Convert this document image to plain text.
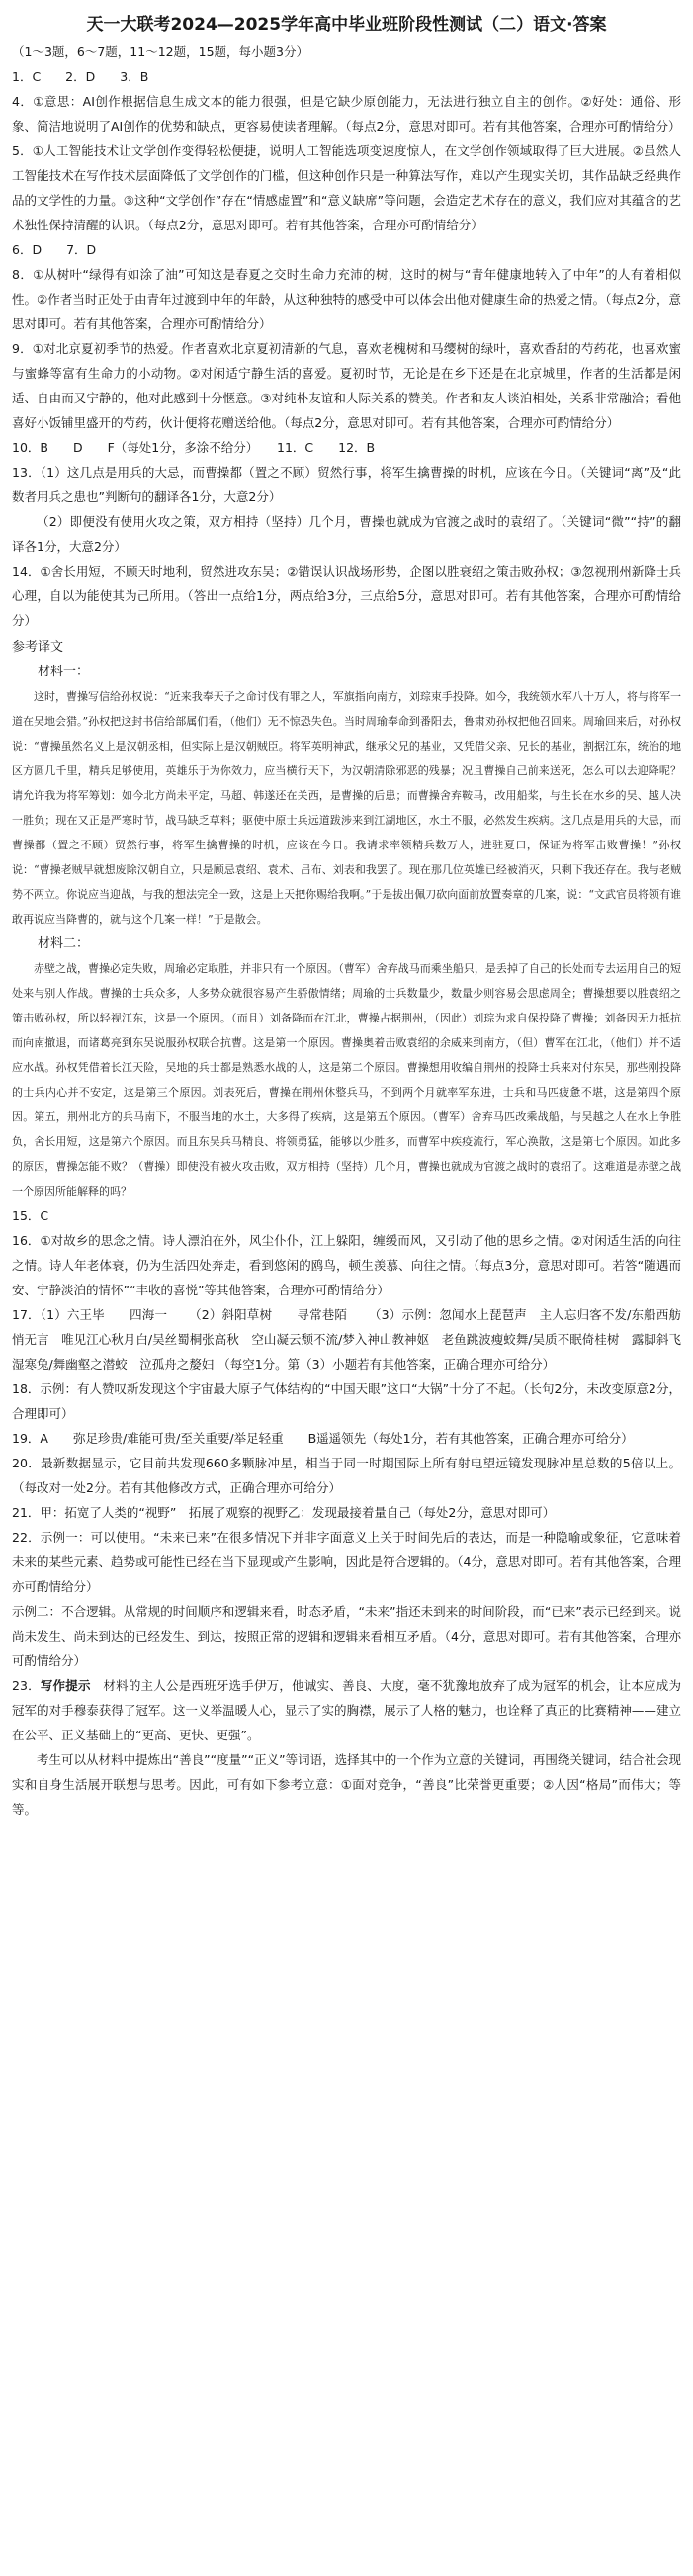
天一大联考2024—2025学年高中毕业班阶段性测试（二）语文·答案

（1～3题，6～7题，11～12题，15题，每小题3分）

1．C　　2．D　　3．B

4．①意思：AI创作根据信息生成文本的能力很强，但是它缺少原创能力，无法进行独立自主的创作。②好处：通俗、形象、简洁地说明了AI创作的优势和缺点，更容易使读者理解。（每点2分，意思对即可。若有其他答案，合理亦可酌情给分）

5．①人工智能技术让文学创作变得轻松便捷，说明人工智能选项变速度惊人，在文学创作领域取得了巨大进展。②虽然人工智能技术在写作技术层面降低了文学创作的门槛，但这种创作只是一种算法写作，难以产生现实关切，其作品缺乏经典作品的文学性的力量。③这种“文学创作”存在“情感虚置”和“意义缺席”等问题，会造定艺术存在的意义，我们应对其蕴含的艺术独性保持清醒的认识。（每点2分，意思对即可。若有其他答案，合理亦可酌情给分）

6．D　　7．D

8．①从树叶“绿得有如涂了油”可知这是春夏之交时生命力充沛的树，这时的树与“青年健康地转入了中年”的人有着相似性。②作者当时正处于由青年过渡到中年的年龄，从这种独特的感受中可以体会出他对健康生命的热爱之情。（每点2分，意思对即可。若有其他答案，合理亦可酌情给分）

9．①对北京夏初季节的热爱。作者喜欢北京夏初清新的气息，喜欢老槐树和马缨树的绿叶，喜欢香甜的芍药花，也喜欢蜜与蜜蜂等富有生命力的小动物。②对闲适宁静生活的喜爱。夏初时节，无论是在乡下还是在北京城里，作者的生活都是闲适、自由而又宁静的，他对此感到十分惬意。③对纯朴友谊和人际关系的赞美。作者和友人谈泊相处，关系非常融洽；看他喜好小饭铺里盛开的芍药，伙计便将花赠送给他。（每点2分，意思对即可。若有其他答案，合理亦可酌情给分）

10．B　　D　　F（每处1分，多涂不给分）　　11．C　　12．B

13．（1）这几点是用兵的大忌，而曹操都（置之不顾）贸然行事，将军生擒曹操的时机，应该在今日。（关键词“离”及“此数者用兵之患也”判断句的翻译各1分，大意2分）

（2）即便没有使用火攻之策，双方相持（坚持）几个月，曹操也就成为官渡之战时的袁绍了。（关键词“微”“持”的翻译各1分，大意2分）

14．①舍长用短，不顾天时地利，贸然进攻东吴；②错误认识战场形势，企图以胜衰绍之策击败孙权；③忽视刑州新降士兵心理，自以为能使其为己所用。（答出一点给1分，两点给3分，三点给5分，意思对即可。若有其他答案，合理亦可酌情给分）

参考译文

材料一：

这时，曹操写信给孙权说：“近来我奉天子之命讨伐有罪之人，军旗指向南方，刘琮束手投降。如今，我统领水军八十万人，将与将军一道在吴地会猎。”孙权把这封书信给部属们看，（他们）无不惊恐失色。当时周瑜奉命到番阳去，鲁肃劝孙权把他召回来。周瑜回来后，对孙权说：“曹操虽然名义上是汉朝丞相，但实际上是汉朝贼臣。将军英明神武，继承父兄的基业，又凭借父亲、兄长的基业，割据江东，统治的地区方圆几千里，精兵足够使用，英雄乐于为你效力，应当横行天下，为汉朝清除邪恶的残暴；况且曹操自己前来送死，怎么可以去迎降呢？请允许我为将军筹划：如今北方尚未平定，马超、韩遂还在关西，是曹操的后患；而曹操舍弃鞍马，改用船桨，与生长在水乡的吴、越人决一胜负；现在又正是严寒时节，战马缺乏草料；驱使中原士兵远道跋涉来到江湖地区，水土不服，必然发生疾病。这几点是用兵的大忌，而曹操都（置之不顾）贸然行事，将军生擒曹操的时机，应该在今日。我请求率领精兵数万人，进驻夏口，保证为将军击败曹操！”孙权说：“曹操老贼早就想废除汉朝自立，只是顾忌袁绍、袁术、吕布、刘表和我罢了。现在那几位英雄已经被消灭，只剩下我还存在。我与老贼势不两立。你说应当迎战，与我的想法完全一致，这是上天把你赐给我啊。”于是拔出佩刀砍向面前放置奏章的几案，说：“文武官员将领有谁敢再说应当降曹的，就与这个几案一样！”于是散会。

材料二：

赤壁之战，曹操必定失败，周瑜必定取胜，并非只有一个原因。（曹军）舍弃战马而乘坐船只，是丢掉了自己的长处而专去运用自己的短处来与别人作战。曹操的士兵众多，人多势众就很容易产生骄傲情绪；周瑜的士兵数量少，数量少则容易会思虑周全；曹操想要以胜袁绍之策击败孙权，所以轻视江东，这是一个原因。（而且）刘备降而在江北，曹操占据荆州，（因此）刘琮为求自保投降了曹操；刘备因无力抵抗而向南撤退，而诸葛亮到东吴说服孙权联合抗曹。这是第一个原因。曹操奥着击败袁绍的余威来到南方，（但）曹军在江北，（他们）并不适应水战。孙权凭借着长江天险，吴地的兵士都是熟悉水战的人，这是第二个原因。曹操想用收编自荆州的投降士兵来对付东吴，那些刚投降的士兵内心并不安定，这是第三个原因。刘表死后，曹操在荆州休整兵马，不到两个月就率军东进，士兵和马匹疲惫不堪，这是第四个原因。第五，荆州北方的兵马南下，不服当地的水土，大多得了疾病，这是第五个原因。（曹军）舍弃马匹改乘战船，与吴越之人在水上争胜负，舍长用短，这是第六个原因。而且东吴兵马精良、将领勇猛，能够以少胜多，而曹军中疾疫流行，军心涣散，这是第七个原因。如此多的原因，曹操怎能不败？（曹操）即使没有被火攻击败，双方相持（坚持）几个月，曹操也就成为官渡之战时的袁绍了。这难道是赤壁之战一个原因所能解释的吗？

15．C

16．①对故乡的思念之情。诗人漂泊在外，风尘仆仆，江上躲阳，缠缓而风，又引动了他的思乡之情。②对闲适生活的向往之情。诗人年老体衰，仍为生活四处奔走，看到悠闲的鸥鸟，顿生羡慕、向往之情。（每点3分，意思对即可。若答“随遇而安、宁静淡泊的情怀”“丰收的喜悦”等其他答案，合理亦可酌情给分）

17．（1）六王毕　　四海一 （2）斜阳草树　　寻常巷陌 （3）示例：忽闻水上琵琶声　主人忘归客不发/东船西舫悄无言　唯见江心秋月白/吴丝蜀桐张高秋　空山凝云颓不流/梦入神山教神妪　老鱼跳波瘦蛟舞/吴质不眠倚桂树　露脚斜飞湿寒兔/舞幽壑之潜蛟　泣孤舟之嫠妇 （每空1分。第（3）小题若有其他答案，正确合理亦可给分）

18．示例：有人赞叹新发现这个宇宙最大原子气体结构的“中国天眼”这口“大锅”十分了不起。（长句2分，未改变原意2分，合理即可）

19．A　　弥足珍贵/难能可贵/至关重要/举足轻重　　B遥遥领先（每处1分，若有其他答案，正确合理亦可给分）

20．最新数据显示，它目前共发现660多颗脉冲星，相当于同一时期国际上所有射电望远镜发现脉冲星总数的5倍以上。（每改对一处2分。若有其他修改方式，正确合理亦可给分）

21．甲：拓宽了人类的“视野”　拓展了观察的视野乙：发现最接着量自己（每处2分，意思对即可）

22．示例一：可以使用。“未来已来”在很多情况下并非字面意义上关于时间先后的表达，而是一种隐喻或象征，它意味着未来的某些元素、趋势或可能性已经在当下显现或产生影响，因此是符合逻辑的。（4分，意思对即可。若有其他答案，合理亦可酌情给分）

示例二：不合逻辑。从常规的时间顺序和逻辑来看，时态矛盾，“未来”指还未到来的时间阶段，而“已来”表示已经到来。说尚未发生、尚未到达的已经发生、到达，按照正常的逻辑和逻辑来看相互矛盾。（4分，意思对即可。若有其他答案，合理亦可酌情给分）

23．写作提示　 材料的主人公是西班牙选手伊万，他诚实、善良、大度，毫不犹豫地放弃了成为冠军的机会，让本应成为冠军的对手穆泰获得了冠军。这一义举温暖人心，显示了实的胸襟，展示了人格的魅力，也诠释了真正的比赛精神——建立在公平、正义基础上的“更高、更快、更强”。

考生可以从材料中提炼出“善良”“度量”“正义”等词语，选择其中的一个作为立意的关键词，再围绕关键词，结合社会现实和自身生活展开联想与思考。因此，可有如下参考立意：①面对竞争，“善良”比荣誉更重要；②人因“格局”而伟大；等等。
